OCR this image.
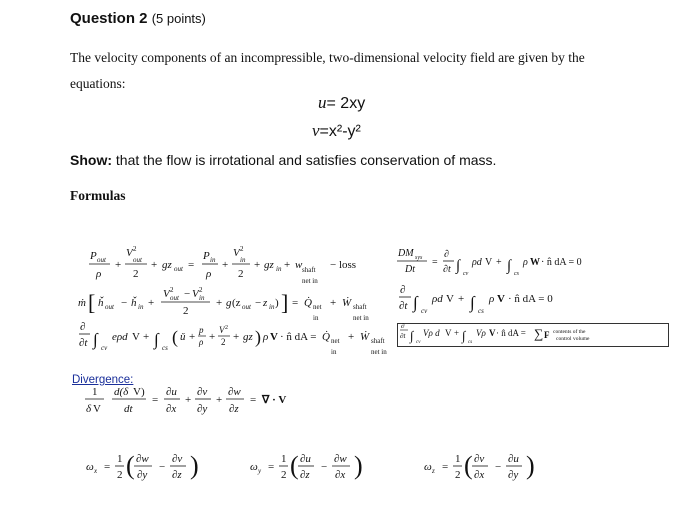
Question 2 (5 points)
The velocity components of an incompressible, two-dimensional velocity field are given by the equations:
u= 2xy
v=x²-y²
Show: that the flow is irrotational and satisfies conservation of mass.
Formulas
P out
ρ
+
V 2
out
2
+ gz out =
P in
ρ
+
V 2
in
2
+ gz in + w shaft
net in
− loss
DM sys
Dt
=
∂
∂t ∫ cv
ρd V + ∫ cs
ρ W · n̂ dA = 0
ṁ [ ȟ out − ȟ in +
V 2
out − V 2
in
2
+ g (z out − z in ) ] = Q̇ net
in
+ Ẇ shaft
net in
∂
∂t ∫ cv
ρd V + ∫ cs
ρ V · n̂ dA = 0
∂
∂t ∫ cv
eρd V + ∫ cs
( ǔ +
p
ρ +
V 2
2 + gz ) ρ V · n̂ dA = Q̇ net
in
+ Ẇ shaft
net in
∂
∂t ∫ cv
Vρ d V + ∫ cs
Vρ V · n̂ dA = ∑ F contents of the
control volume
1
δ V
d(δ V)
dt
=
∂u
∂x
+
∂v
∂y
+
∂w
∂z
= ∇ · V
ω x =
1
2 ( ∂w
∂y
−
∂v
∂z )	ω y =
1
2 ( ∂u
∂z
−
∂w
∂x )	ω z =
1
2 ( ∂v
∂x
−
∂u
∂y )
Divergence:
